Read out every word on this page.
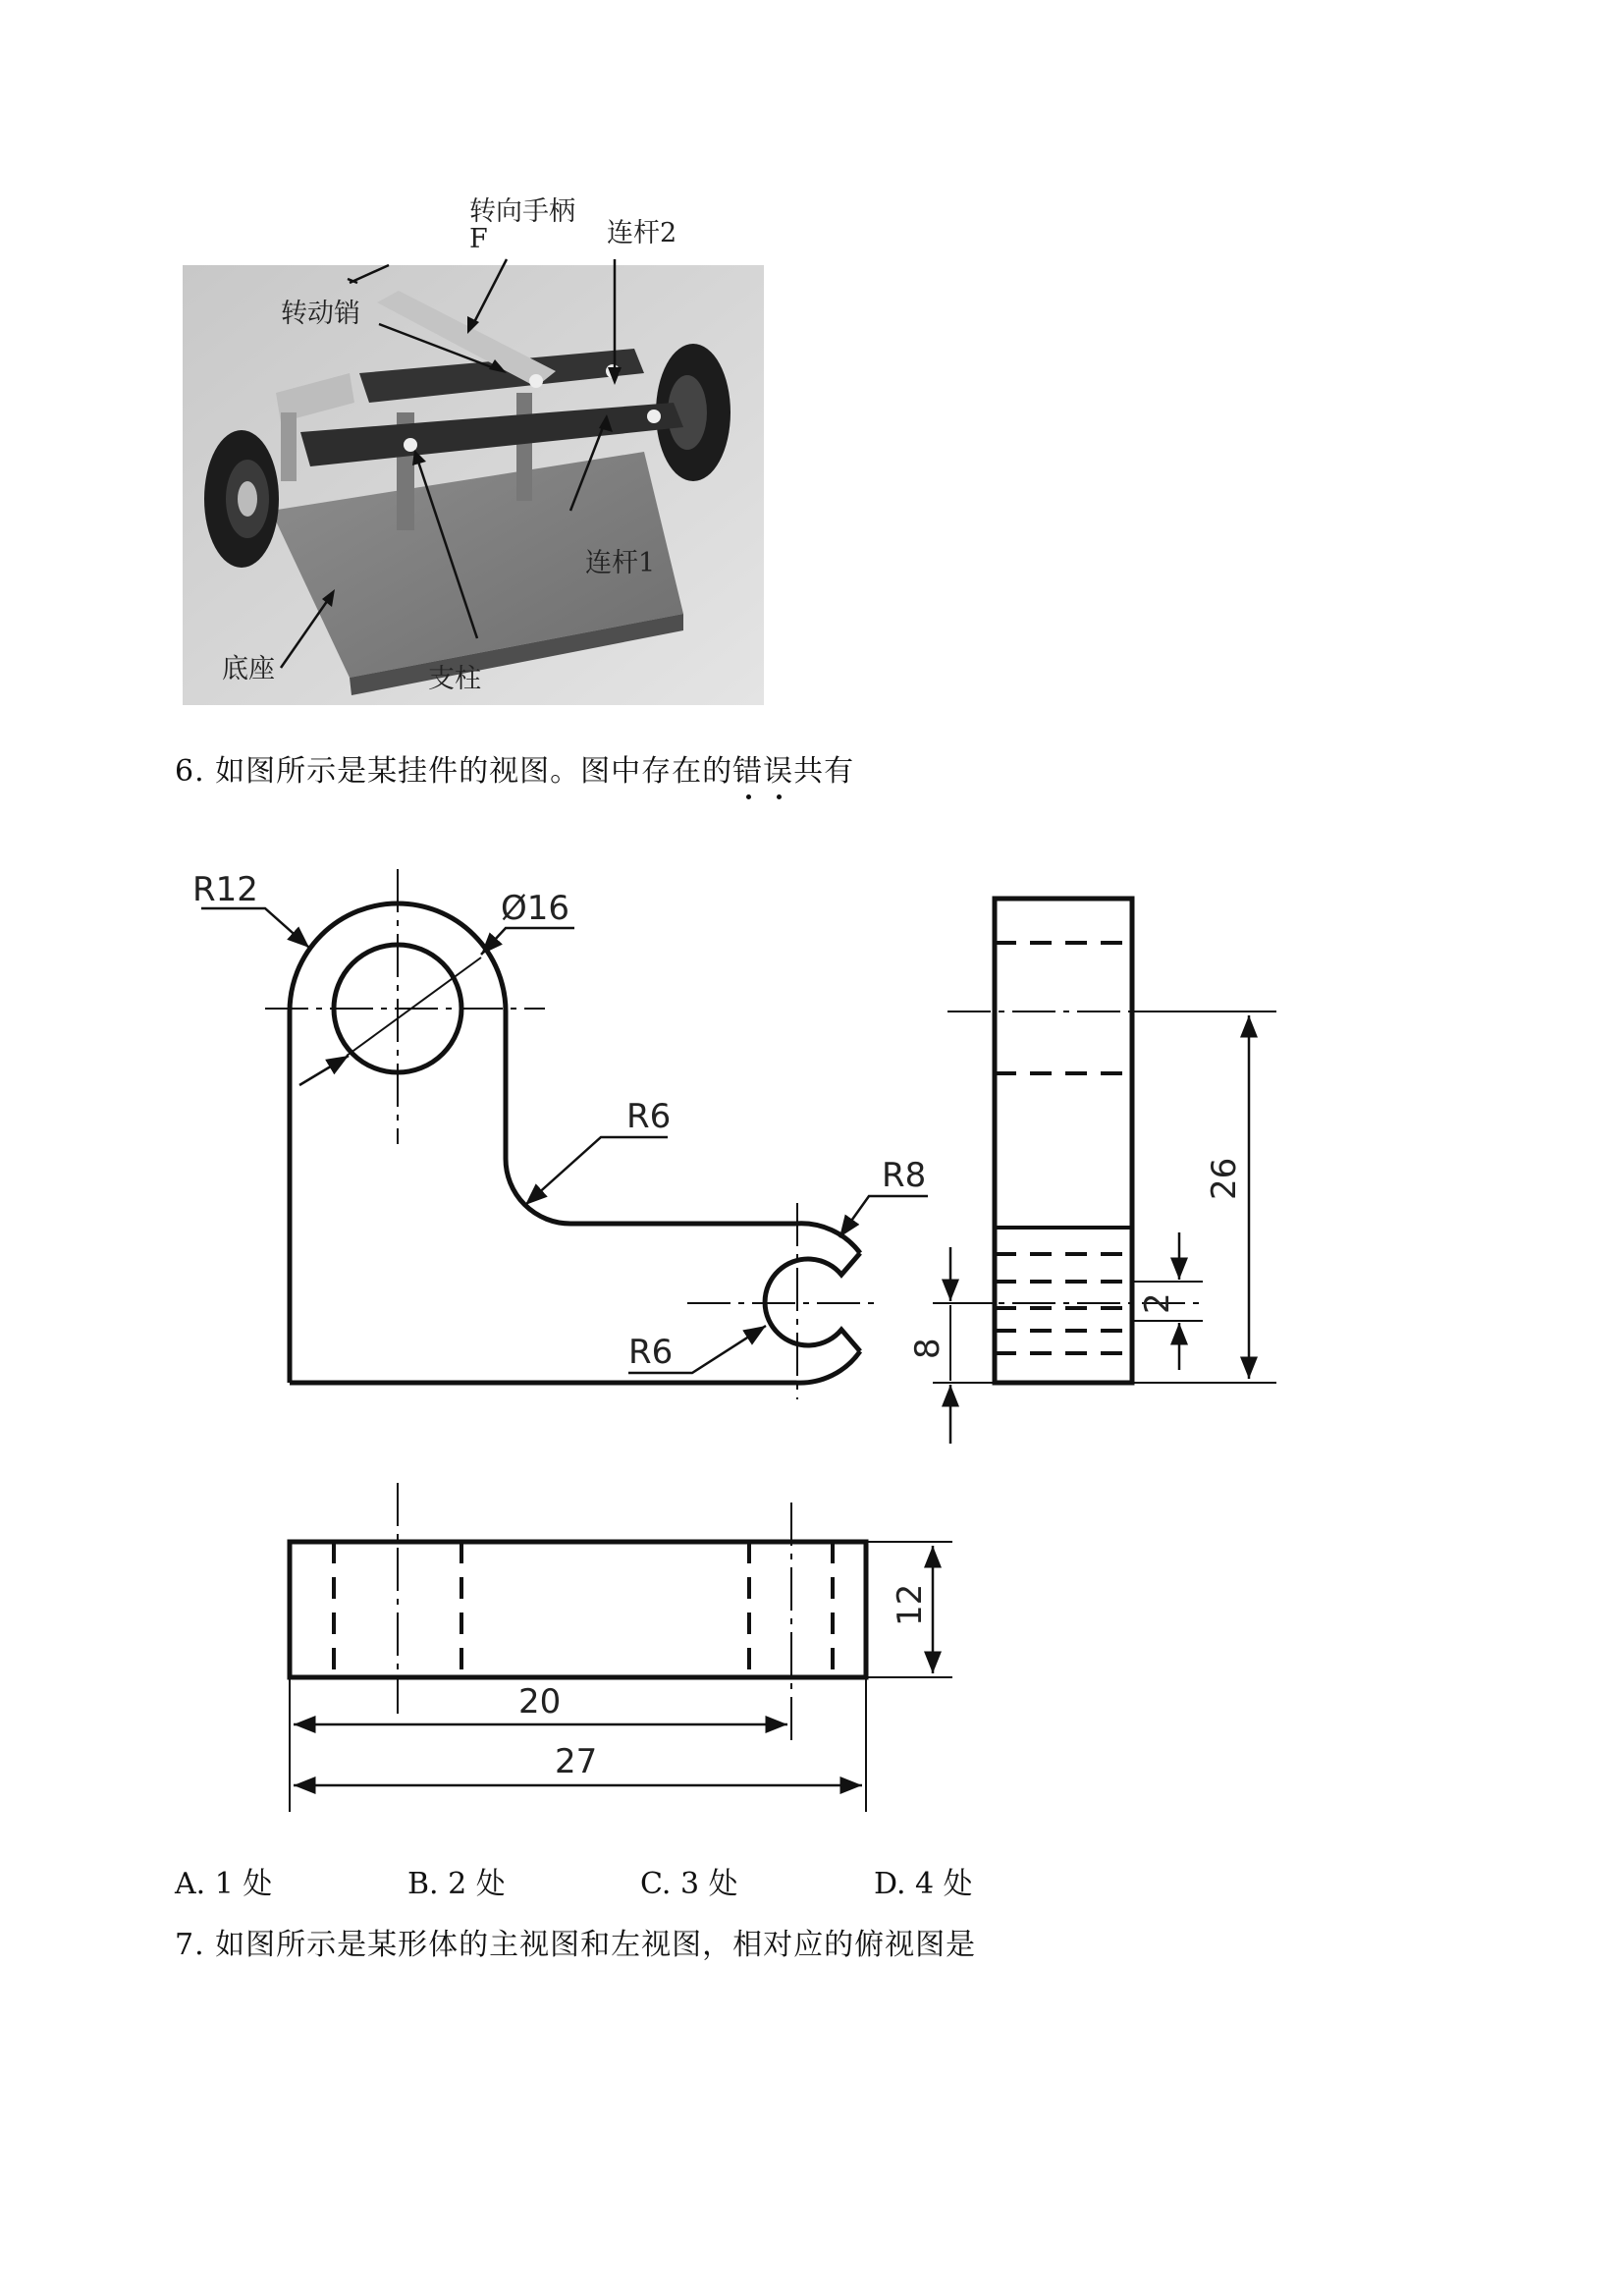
转向手柄
F	连杆2
转动销
连杆1
底座	支柱
6. 如图所示是某挂件的视图。图中存在的错误共有
R12	Ø16
R6
R8
R6
26
2
8
12
20
27
A. 1 处	B. 2 处	C. 3 处	D. 4 处
7. 如图所示是某形体的主视图和左视图，相对应的俯视图是
